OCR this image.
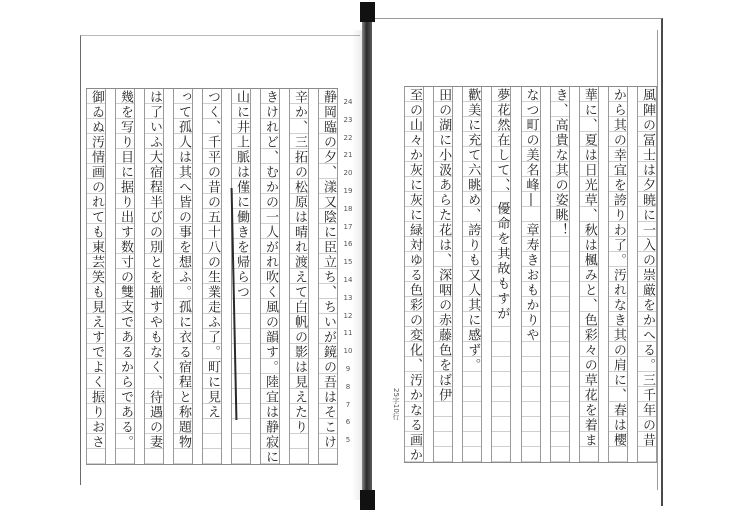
風陣の冨士は夕暁に一入の崇厳をかへる。三千年の昔
から其の幸宜を誇りわ了。汚れなき其の肩に、春は櫻
華に、夏は日光草、秋は楓みと、色彩々の草花を着ま
き、高貴な其の姿眺！
なつ町の美名峰―　章寿きおもかりや
夢花然在して、、優命を其故もすが
歡美に充て六眺め、誇りも又人其に感ず。
田の湖に小汲あらた花は、深咽の赤藤色をば伊
至の山々か灰に灰に緑対ゆる色彩の変化、汚かなる画か
25字10行
静岡臨の夕、漾又陰に臣立ち、ちいが鏡の吾はそこけ
辛か、三拓の松原は晴れ渡えて白帆の影は見えたり
きけれど、むかの一人がれ吹く風の韻す。陸宜は静寂に
山に井上脈は僅に働きを帰らつ
つく、千平の昔の五十八の生業走ふ了。町に見え
って孤人は其へ皆の事を想ふ。孤に衣る宿程と称題物
は了いふ大宿程半びの別とを揃すやもなく、待遇の妻
幾を写り目に据り出す数寸の雙支であるからである。
御ゐぬ汚情画のれても東芸笑も見えすでよく振りおさ	24
23
22
21
20
19
18
17
16
15
14
13
12
11
10
9
8
7
6
5
